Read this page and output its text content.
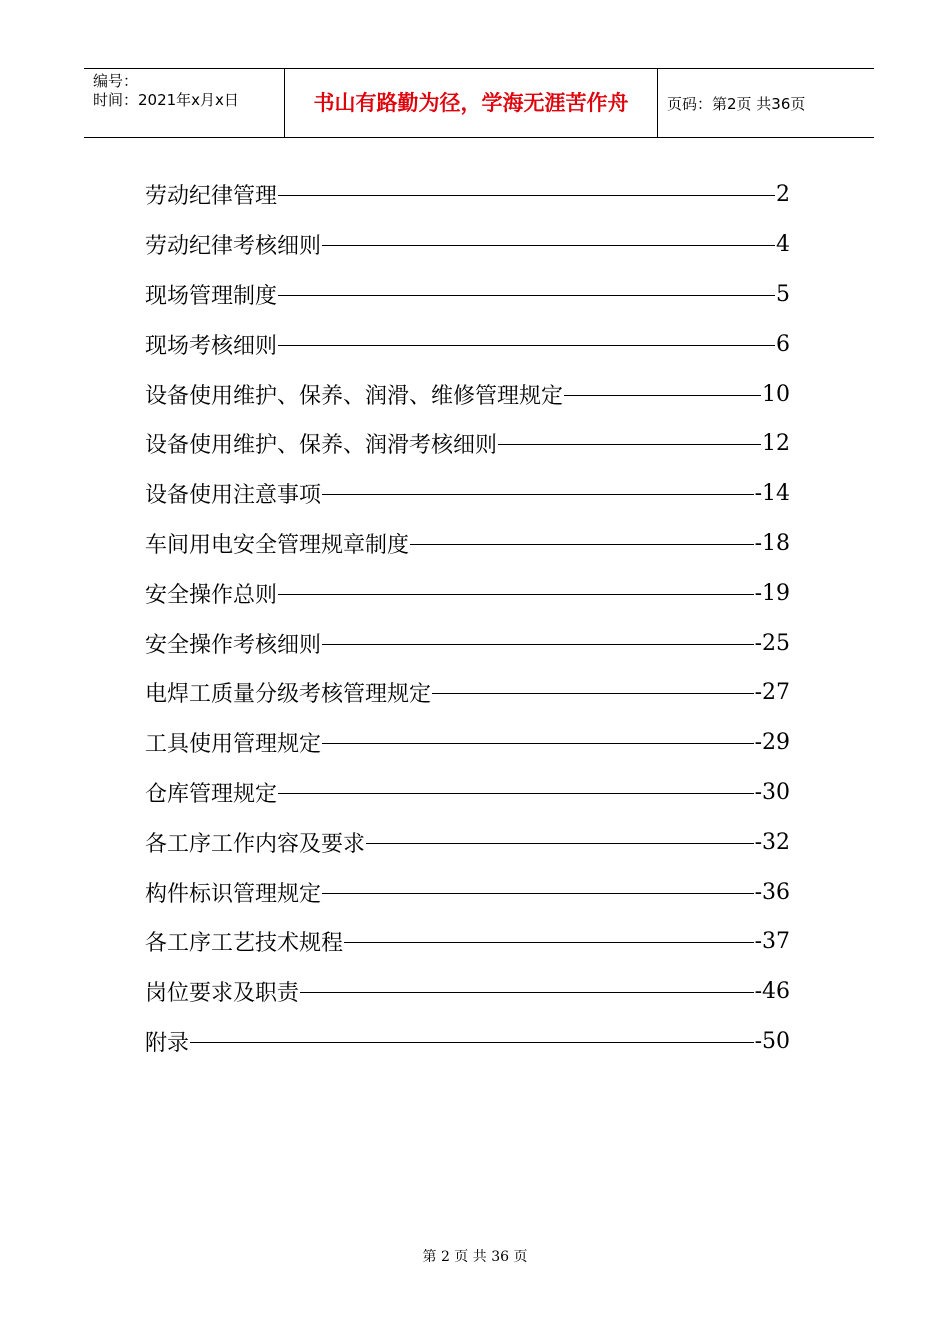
编号：
时间：2021年x月x日	书山有路勤为径，学海无涯苦作舟	页码：第2页 共36页
劳动纪律管理	2
劳动纪律考核细则	4
现场管理制度	5
现场考核细则	6
设备使用维护、保养、润滑、维修管理规定	10
设备使用维护、保养、润滑考核细则	12
设备使用注意事项	-14
车间用电安全管理规章制度	-18
安全操作总则	-19
安全操作考核细则	-25
电焊工质量分级考核管理规定	-27
工具使用管理规定	-29
仓库管理规定	-30
各工序工作内容及要求	-32
构件标识管理规定	-36
各工序工艺技术规程	-37
岗位要求及职责	-46
附录	-50
第 2 页 共 36 页
